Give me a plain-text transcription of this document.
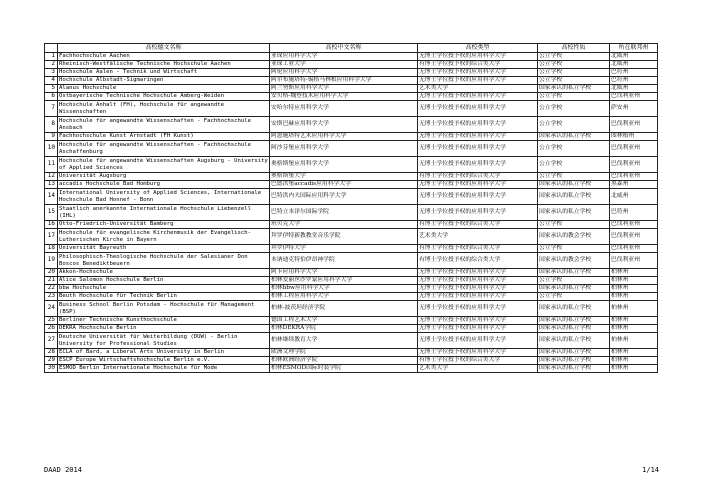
	高校德文名称	高校中文名称	高校类型	高校性质	所在联邦州
1	Fachhochschule Aachen	亚琛应用科学大学	无博士学位授予权的应用科学大学	公立学校	北威州
2	Rheinisch-Westfälische Technische Hochschule Aachen	亚琛工业大学	有博士学位授予权的综合类大学	公立学校	北威州
3	Hochschule Aalen - Technik und Wirtschaft	阿伦应用科学大学	无博士学位授予权的应用科学大学	公立学校	巴符州
4	Hochschule Albstadt-Sigmaringen	阿尔布施塔特-锡格马林根应用科学大学	无博士学位授予权的应用科学大学	公立学校	巴符州
5	Alanus Hochschule	阿兰努斯应用科学大学	艺术类大学	国家承认的私立学校	北威州
6	Ostbayerische Technische Hochschule Amberg-Weiden	安贝格-魏登技术应用科学大学	无博士学位授予权的应用科学大学	公立学校	巴伐利亚州
7	Hochschule Anhalt (FH), Hochschule für angewandte Wissenschaften	安哈尔特应用科学大学	无博士学位授予权的应用科学大学	公立学校	萨安州
8	Hochschule für angewandte Wissenschaften - Fachhochschule Ansbach	安斯巴赫应用科学大学	无博士学位授予权的应用科学大学	公立学校	巴伐利亚州
9	Fachhochschule Kunst Arnstadt (FH Kunst)	阿恩施塔特艺术应用科学大学	无博士学位授予权的应用科学大学	国家承认的私立学校	图林根州
10	Hochschule für angewandte Wissenschaften - Fachhochschule Aschaffenburg	阿沙芬堡应用科学大学	无博士学位授予权的应用科学大学	公立学校	巴伐利亚州
11	Hochschule für angewandte Wissenschaften Augsburg - University of Applied Sciences	奥格斯堡应用科学大学	无博士学位授予权的应用科学大学	公立学校	巴伐利亚州
12	Universität Augsburg	奥格斯堡大学	有博士学位授予权的综合类大学	公立学校	巴伐利亚州
13	accadis Hochschule Bad Homburg	巴德洪堡accadis应用科学大学	无博士学位授予权的应用科学大学	国家承认的私立学校	黑森州
14	International University of Applied Sciences, Internationale Hochschule Bad Honnef - Bonn	巴特洪内夫国际应用科学大学	无博士学位授予权的应用科学大学	国家承认的私立学校	北威州
15	Staatlich anerkannte Internationale Hochschule Liebenzell (IHL)	巴特立本泽尔国际学院	无博士学位授予权的应用科学大学	国家承认的私立学校	巴符州
16	Otto-Friedrich-Universität Bamberg	班贝克大学	有博士学位授予权的综合类大学	公立学校	巴伐利亚州
17	Hochschule für evangelische Kirchenmusik der Evangelisch-Lutherischen Kirche in Bayern	拜罗伊特新教教堂音乐学院	艺术类大学	国家承认的教会学校	巴伐利亚州
18	Universität Bayreuth	拜罗伊特大学	有博士学位授予权的综合类大学	公立学校	巴伐利亚州
19	Philosophisch-Theologische Hochschule der Salesianer Don Boscos Benediktbeuern	本讷迪克特伯伊昂神学院	有博士学位授予权的综合类大学	国家承认的教会学校	巴伐利亚州
20	Akkon-Hochschule	阿卡应用科学大学	无博士学位授予权的应用科学大学	国家承认的私立学校	柏林州
21	Alice Salomon Hochschule Berlin	柏林爱丽丝沙罗蒙应用科学大学	无博士学位授予权的应用科学大学	公立学校	柏林州
22	bbw Hochschule	柏林bbw应用科学大学	无博士学位授予权的应用科学大学	国家承认的私立学校	柏林州
23	Beuth Hochschule für Technik Berlin	柏林工程应用科学大学	无博士学位授予权的应用科学大学	公立学校	柏林州
24	Business School Berlin Potsdam - Hochschule für Management (BSP)	柏林-波茨坦经济学院	无博士学位授予权的应用科学大学	国家承认的私立学校	柏林州
25	Berliner Technische Kunsthochschule	德国工程艺术大学	无博士学位授予权的应用科学大学	国家承认的私立学校	柏林州
26	DEKRA Hochschule Berlin	柏林DEKRA学院	无博士学位授予权的应用科学大学	国家承认的私立学校	柏林州
27	Deutsche Universität für Weiterbildung (DUW) - Berlin University for Professional Studies	柏林继续教育大学	无博士学位授予权的应用科学大学	国家承认的私立学校	柏林州
28	ECLA of Bard, a Liberal Arts University in Berlin	欧洲文理学院	无博士学位授予权的应用科学大学	国家承认的私立学校	柏林州
29	ESCP Europe Wirtschaftshochschule Berlin e.V.	柏林欧洲经济学院	有博士学位授予权的综合类大学	国家承认的私立学校	柏林州
30	ESMOD Berlin Internationale Hochschule für Mode	柏林ESMOD国际时装学院	艺术类大学	国家承认的私立学校	柏林州
DAAD 2014	1/14
